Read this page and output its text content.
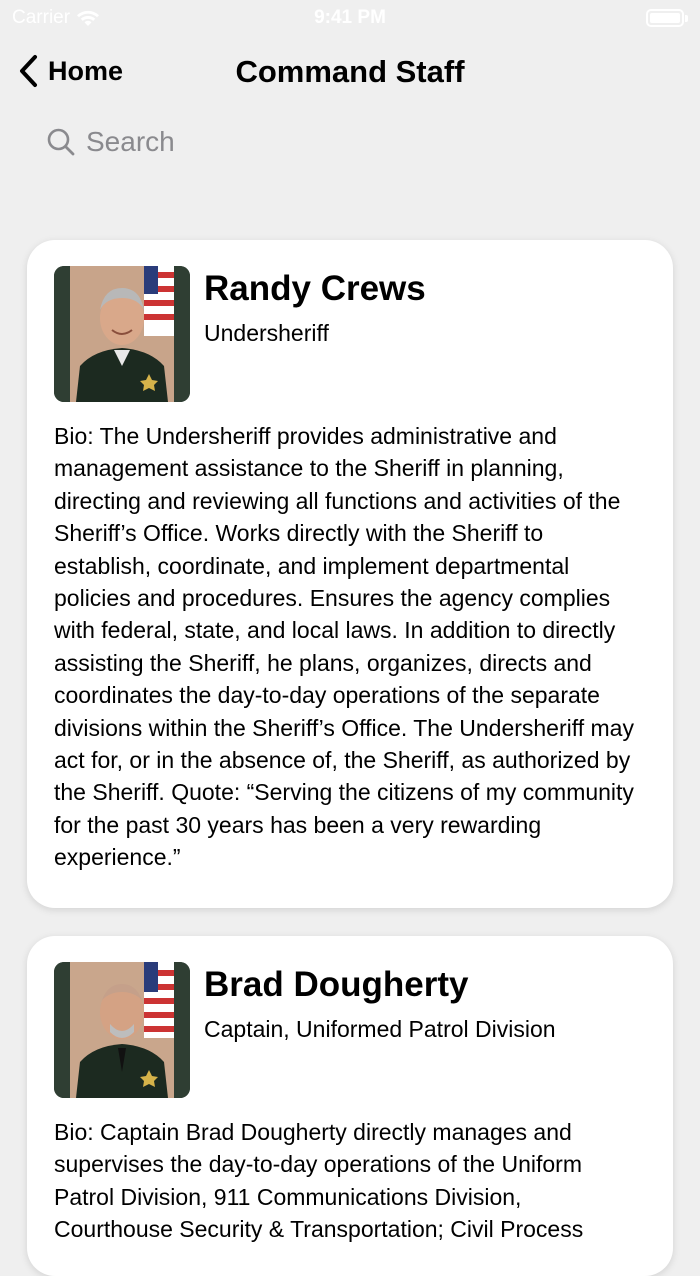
Carrier	9:41 PM
Home	Command Staff
Search
Randy Crews
Undersheriff
Bio: The Undersheriff provides administrative and management assistance to the Sheriff in planning, directing and reviewing all functions and activities of the Sheriff’s Office. Works directly with the Sheriff to establish, coordinate, and implement departmental policies and procedures. Ensures the agency complies with federal, state, and local laws. In addition to directly assisting the Sheriff, he plans, organizes, directs and coordinates the day-to-day operations of the separate divisions within the Sheriff’s Office. The Undersheriff may act for, or in the absence of, the Sheriff, as authorized by the Sheriff. Quote: “Serving the citizens of my community for the past 30 years has been a very rewarding experience.”
Brad Dougherty
Captain, Uniformed Patrol Division
Bio: Captain Brad Dougherty directly manages and supervises the day-to-day operations of the Uniform Patrol Division, 911 Communications Division, Courthouse Security & Transportation; Civil Process
